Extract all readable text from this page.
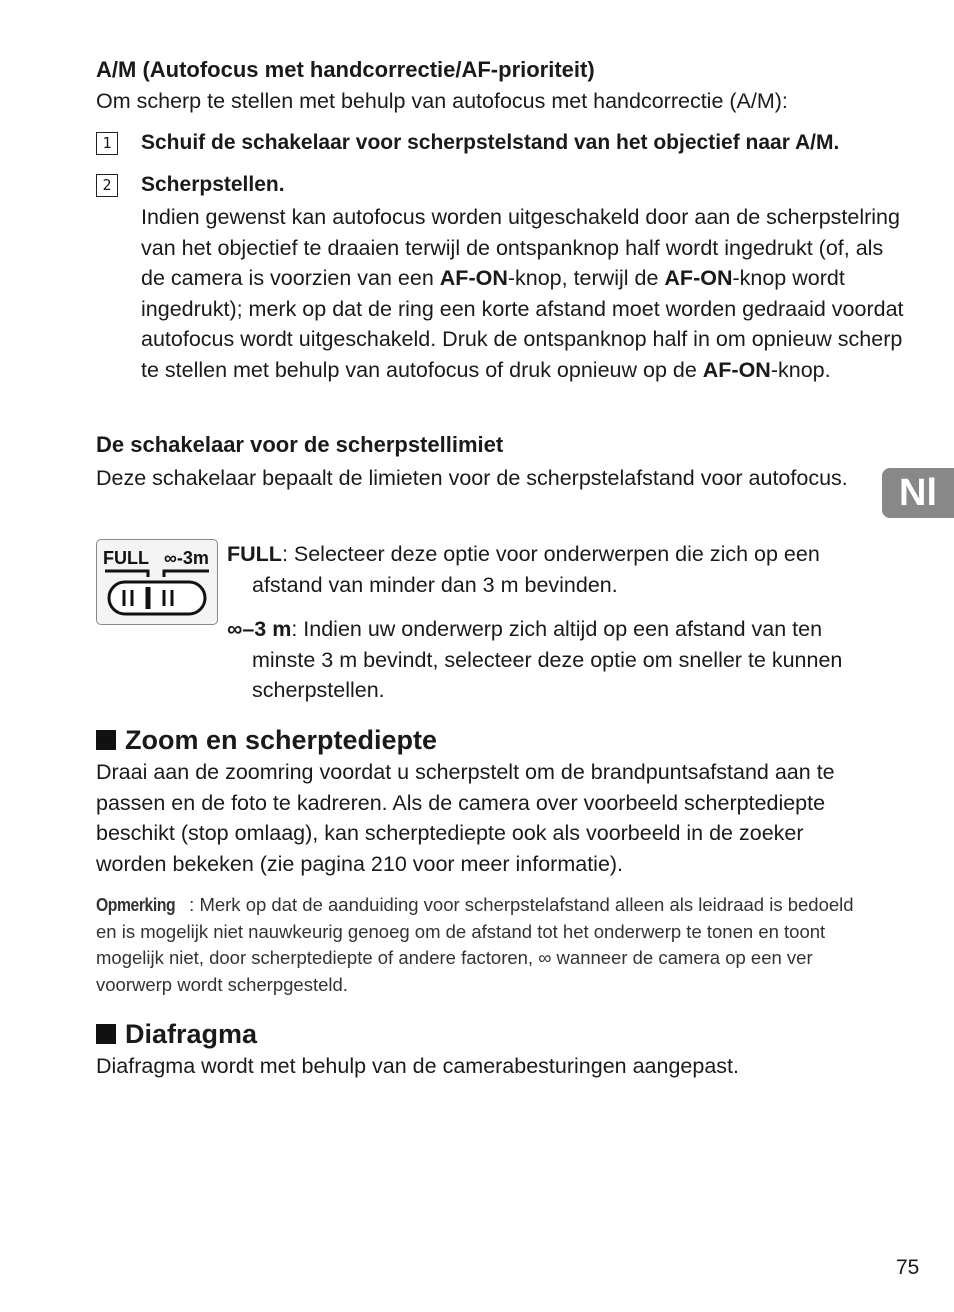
A/M (Autofocus met handcorrectie/AF-prioriteit)

Om scherp te stellen met behulp van autofocus met handcorrectie (A/M):

1	Schuif de schakelaar voor scherpstelstand van het objectief naar A/M.
2	Scherpstellen.

Indien gewenst kan autofocus worden uitgeschakeld door aan de scherpstelring van het objectief te draaien terwijl de ontspanknop half wordt ingedrukt (of, als de camera is voorzien van een AF-ON-knop, terwijl de AF-ON-knop wordt ingedrukt); merk op dat de ring een korte afstand moet worden gedraaid voordat autofocus wordt uitgeschakeld. Druk de ontspanknop half in om opnieuw scherp te stellen met behulp van autofocus of druk opnieuw op de AF-ON-knop.

De schakelaar voor de scherpstellimiet

Deze schakelaar bepaalt de limieten voor de scherpstelafstand voor autofocus.

FULL ∞-3m FULL: Selecteer deze optie voor onderwerpen die zich op een afstand van minder dan 3 m bevinden.

∞–3 m: Indien uw onderwerp zich altijd op een afstand van ten minste 3 m bevindt, selecteer deze optie om sneller te kunnen scherpstellen.

Zoom en scherptediepte

Draai aan de zoomring voordat u scherpstelt om de brandpuntsafstand aan te passen en de foto te kadreren. Als de camera over voorbeeld scherptediepte beschikt (stop omlaag), kan scherptediepte ook als voorbeeld in de zoeker worden bekeken (zie pagina 210 voor meer informatie).

Opmerking : Merk op dat de aanduiding voor scherpstelafstand alleen als leidraad is bedoeld en is mogelijk niet nauwkeurig genoeg om de afstand tot het onderwerp te tonen en toont mogelijk niet, door scherptediepte of andere factoren, ∞ wanneer de camera op een ver voorwerp wordt scherpgesteld.

Diafragma

Diafragma wordt met behulp van de camerabesturingen aangepast.

Nl
75
